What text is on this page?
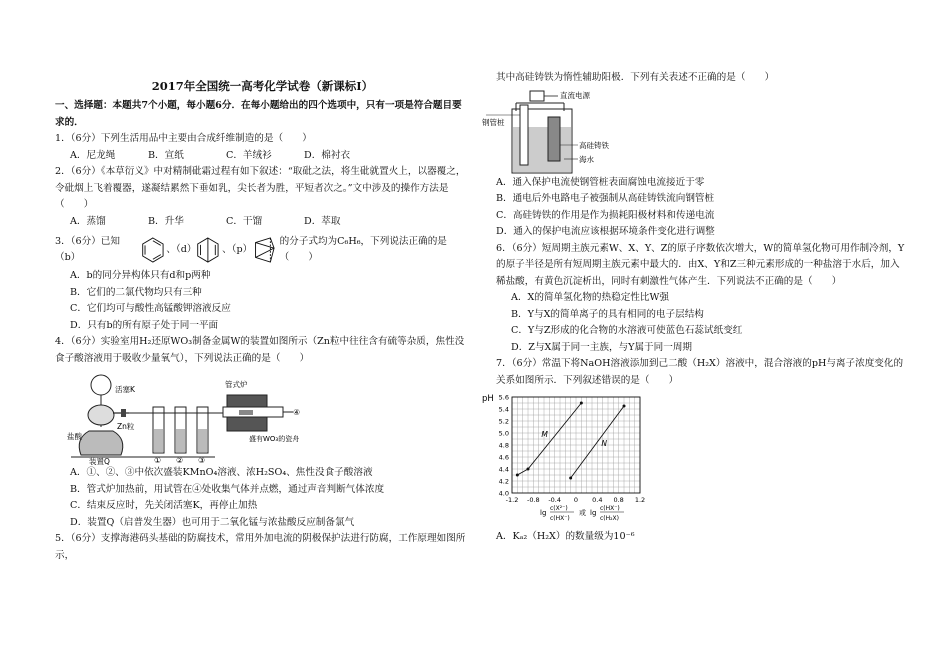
2017年全国统一高考化学试卷（新课标Ⅰ）
一、选择题：本题共7个小题，每小题6分．在每小题给出的四个选项中，只有一项是符合题目要求的．
1．（6分）下列生活用品中主要由合成纤维制造的是（　　）
A．尼龙绳	B．宣纸	C．羊绒衫	D．棉衬衣
2．（6分）《本草衍义》中对精制砒霜过程有如下叙述：“取砒之法，将生砒就置火上，以器覆之，令砒烟上飞着覆器，遂凝结累然下垂如乳，尖长者为胜，平短者次之。”文中涉及的操作方法是（　　）
A．蒸馏	B．升华	C．干馏	D．萃取
3．（6分）已知（b）
、（d）	、（p）
的分子式均为C₆H₆，下列说法正确的是（　　）
A．b的同分异构体只有d和p两种
B．它们的二氯代物均只有三种
C．它们均可与酸性高锰酸钾溶液反应
D．只有b的所有原子处于同一平面
4．（6分）实验室用H₂还原WO₃制备金属W的装置如图所示（Zn粒中往往含有硫等杂质，焦性没食子酸溶液用于吸收少量氧气），下列说法正确的是（　　）
活塞K
Zn粒
盐酸
装置Q
管式炉
盛有WO₃的瓷舟
① ② ③
④
A．①、②、③中依次盛装KMnO₄溶液、浓H₂SO₄、焦性没食子酸溶液
B．管式炉加热前，用试管在④处收集气体并点燃，通过声音判断气体浓度
C．结束反应时，先关闭活塞K，再停止加热
D．装置Q（启普发生器）也可用于二氧化锰与浓盐酸反应制备氯气
5．（6分）支撑海港码头基础的防腐技术，常用外加电流的阴极保护法进行防腐，工作原理如图所示，
其中高硅铸铁为惰性辅助阳极．下列有关表述不正确的是（　　）
直流电源
钢管桩
高硅铸铁
海水
A．通入保护电流使钢管桩表面腐蚀电流接近于零
B．通电后外电路电子被强制从高硅铸铁流向钢管桩
C．高硅铸铁的作用是作为损耗阳极材料和传递电流
D．通入的保护电流应该根据环境条件变化进行调整
6．（6分）短周期主族元素W、X、Y、Z的原子序数依次增大，W的简单氢化物可用作制冷剂，Y的原子半径是所有短周期主族元素中最大的．由X、Y和Z三种元素形成的一种盐溶于水后，加入稀盐酸，有黄色沉淀析出，同时有刺激性气体产生．下列说法不正确的是（　　）
A．X的简单氢化物的热稳定性比W强
B．Y与X的简单离子的具有相同的电子层结构
C．Y与Z形成的化合物的水溶液可使蓝色石蕊试纸变红
D．Z与X属于同一主族，与Y属于同一周期
7．（6分）常温下将NaOH溶液添加到己二酸（H₂X）溶液中，混合溶液的pH与离子浓度变化的关系如图所示．下列叙述错误的是（　　）
pH
4.0
4.2
4.4
4.6
4.8
5.0
5.2
5.4
5.6
-1.2 -0.8 -0.4 0 0.4 0.8 1.2
M
N
lg
c(X²⁻)
c(HX⁻)
或 lg
c(HX⁻)
c(H₂X)
A．Kₐ₂（H₂X）的数量级为10⁻⁶
